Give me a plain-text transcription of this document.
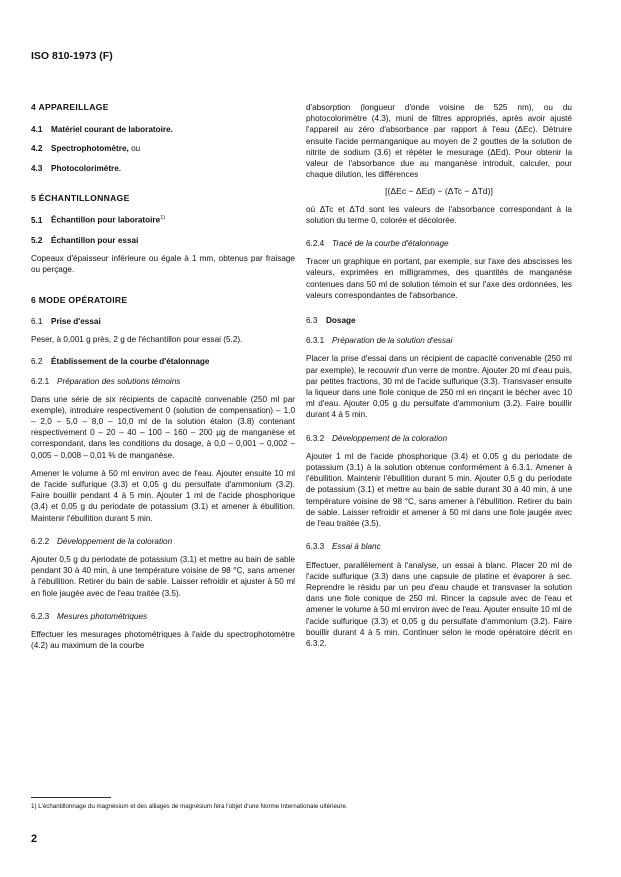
ISO 810-1973 (F)

4 APPAREILLAGE

4.1 Matériel courant de laboratoire.

4.2 Spectrophotomètre, ou

4.3 Photocolorimètre.

5 ÉCHANTILLONNAGE

5.1 Échantillon pour laboratoire$^{1)}$

5.2 Échantillon pour essai

Copeaux d'épaisseur inférieure ou égale à 1 mm, obtenus par fraisage ou perçage.

6 MODE OPÉRATOIRE

6.1 Prise d'essai

Peser, à 0,001 g près, 2 g de l'échantillon pour essai (5.2).

6.2 Établissement de la courbe d'étalonnage

6.2.1 Préparation des solutions témoins

Dans une série de six récipients de capacité convenable (250 ml par exemple), introduire respectivement 0 (solution de compensation) – 1,0 – 2,0 – 5,0 – 8,0 – 10,0 ml de la solution étalon (3.8) contenant respectivement 0 – 20 – 40 – 100 – 160 – 200 µg de manganèse et correspondant, dans les conditions du dosage, à 0,0 – 0,001 – 0,002 – 0,005 – 0,008 – 0,01 % de manganèse.

Amener le volume à 50 ml environ avec de l'eau. Ajouter ensuite 10 ml de l'acide sulfurique (3.3) et 0,05 g du persulfate d'ammonium (3.2). Faire bouillir pendant 4 à 5 min. Ajouter 1 ml de l'acide phosphorique (3.4) et 0,05 g du periodate de potassium (3.1) et amener à ébullition. Maintenir l'ébullition durant 5 min.

6.2.2 Développement de la coloration

Ajouter 0,5 g du periodate de potassium (3.1) et mettre au bain de sable pendant 30 à 40 min, à une température voisine de 98 °C, sans amener à l'ébullition. Retirer du bain de sable. Laisser refroidir et ajuster à 50 ml en fiole jaugée avec de l'eau traitée (3.5).

6.2.3 Mesures photométriques

Effectuer les mesurages photométriques à l'aide du spectrophotomètre (4.2) au maximum de la courbe

d'absorption (longueur d'onde voisine de 525 nm), ou du photocolorimètre (4.3), muni de filtres appropriés, après avoir ajusté l'appareil au zéro d'absorbance par rapport à l'eau (ΔEc). Détruire ensuite l'acide permanganique au moyen de 2 gouttes de la solution de nitrite de sodium (3.6) et répéter le mesurage (ΔEd). Pour obtenir la valeur de l'absorbance due au manganèse introduit, calculer, pour chaque dilution, les différences

[(ΔEc − ΔEd) − (ΔTc − ΔTd)]

où ΔTc et ΔTd sont les valeurs de l'absorbance correspondant à la solution du terme 0, colorée et décolorée.

6.2.4 Tracé de la courbe d'étalonnage

Tracer un graphique en portant, par exemple, sur l'axe des abscisses les valeurs, exprimées en milligrammes, des quantités de manganèse contenues dans 50 ml de solution témoin et sur l'axe des ordonnées, les valeurs correspondantes de l'absorbance.

6.3 Dosage

6.3.1 Préparation de la solution d'essai

Placer la prise d'essai dans un récipient de capacité convenable (250 ml par exemple), le recouvrir d'un verre de montre. Ajouter 20 ml d'eau puis, par petites fractions, 30 ml de l'acide sulfurique (3.3). Transvaser ensuite la liqueur dans une fiole conique de 250 ml en rinçant le bécher avec 10 ml d'eau. Ajouter 0,05 g du persulfate d'ammonium (3.2). Faire bouillir durant 4 à 5 min.

6.3.2 Développement de la coloration

Ajouter 1 ml de l'acide phosphorique (3.4) et 0,05 g du periodate de potassium (3.1) à la solution obtenue conformément à 6.3.1. Amener à l'ébullition. Maintenir l'ébullition durant 5 min. Ajouter 0,5 g du periodate de potassium (3.1) et mettre au bain de sable durant 30 à 40 min, à une température voisine de 98 °C, sans amener à l'ébullition. Retirer du bain de sable. Laisser refroidir et amener à 50 ml dans une fiole jaugée avec de l'eau traitée (3.5).

6.3.3 Essai à blanc

Effectuer, parallèlement à l'analyse, un essai à blanc. Placer 20 ml de l'acide sulfurique (3.3) dans une capsule de platine et évaporer à sec. Reprendre le résidu par un peu d'eau chaude et transvaser la solution dans une fiole conique de 250 ml. Rincer la capsule avec de l'eau et amener le volume à 50 ml environ avec de l'eau. Ajouter ensuite 10 ml de l'acide sulfurique (3.3) et 0,05 g du persulfate d'ammonium (3.2). Faire bouillir durant 4 à 5 min. Continuer selon le mode opératoire décrit en 6.3.2.

1) L'échantillonnage du magnésium et des alliages de magnésium fera l'objet d'une Norme Internationale ultérieure.
2
